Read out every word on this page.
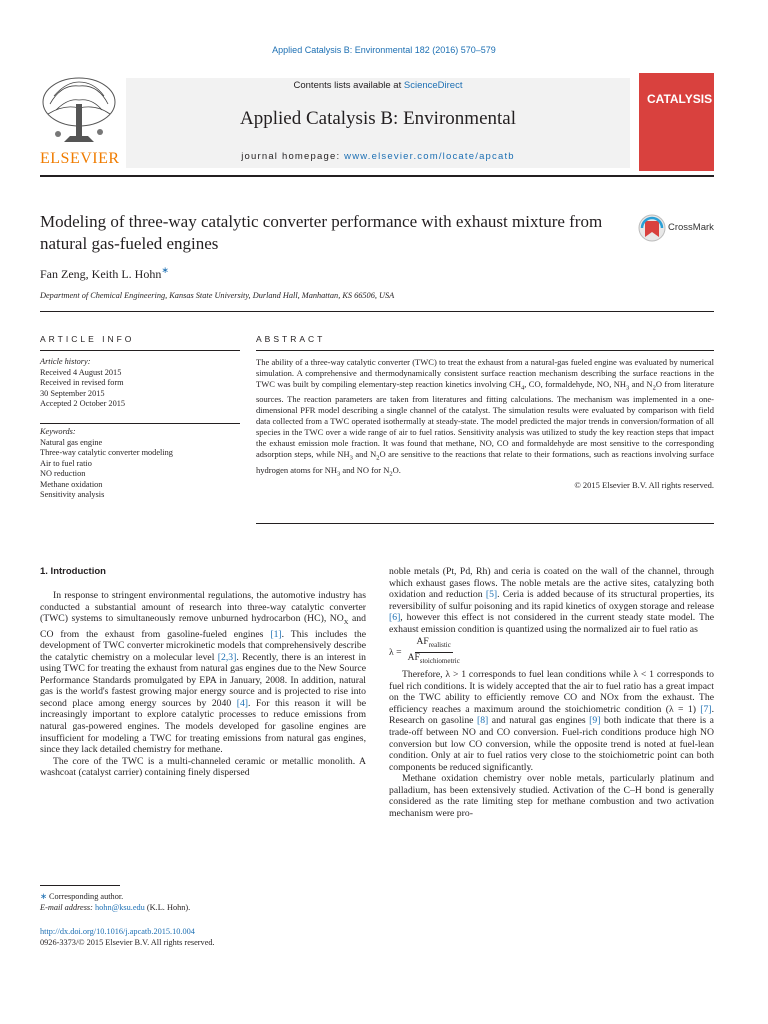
Applied Catalysis B: Environmental 182 (2016) 570–579
ELSEVIER
Contents lists available at ScienceDirect
Applied Catalysis B: Environmental
journal homepage: www.elsevier.com/locate/apcatb
CATALYSIS
Modeling of three-way catalytic converter performance with exhaust mixture from natural gas-fueled engines
CrossMark
Fan Zeng, Keith L. Hohn∗
Department of Chemical Engineering, Kansas State University, Durland Hall, Manhattan, KS 66506, USA
ARTICLE INFO	ABSTRACT
Article history:
Received 4 August 2015
Received in revised form
30 September 2015
Accepted 2 October 2015
Keywords:
Natural gas engine
Three-way catalytic converter modeling
Air to fuel ratio
NO reduction
Methane oxidation
Sensitivity analysis
The ability of a three-way catalytic converter (TWC) to treat the exhaust from a natural-gas fueled engine was evaluated by numerical simulation. A comprehensive and thermodynamically consistent surface reaction mechanism describing the surface reactions in the TWC was built by compiling elementary-step reaction kinetics involving $CH_4$, CO, formaldehyde, NO, $NH_3$ and $N_2O$ from literature sources. The reaction parameters are taken from literatures and fitting calculations. The mechanism was implemented in a one-dimensional PFR model describing a single channel of the catalyst. The simulation results were evaluated by comparison with field data collected from a TWC operated isothermally at steady-state. The model predicted the major trends in conversion/formation of all species in the TWC over a wide range of air to fuel ratios. Sensitivity analysis was utilized to study the key reaction steps that impact the exhaust emission mole fraction. It was found that methane, NO, CO and formaldehyde are most sensitive to the corresponding adsorption steps, while $NH_3$ and $N_2O$ are sensitive to the reactions that relate to their formations, such as reactions involving surface hydrogen atoms for $NH_3$ and NO for $N_2O$.
© 2015 Elsevier B.V. All rights reserved.
1. Introduction

In response to stringent environmental regulations, the automotive industry has conducted a substantial amount of research into three-way catalytic converter (TWC) systems to simultaneously remove unburned hydrocarbon (HC), $NO_X$ and CO from the exhaust from gasoline-fueled engines [1]. This includes the development of TWC converter microkinetic models that comprehensively describe the catalytic chemistry on a molecular level [2,3]. Recently, there is an interest in using TWC for treating the exhaust from natural gas engines due to the New Source Performance Standards promulgated by EPA in January, 2008. In addition, natural gas is the world's fastest growing major energy source and is projected to rise into second place among energy sources by 2040 [4]. For this reason it will be increasingly important to explore catalytic processes to reduce emissions from natural gas-powered engines. The models developed for gasoline engines are insufficient for modeling a TWC for treating emissions from natural gas engines, since they lack detailed chemistry for methane.

The core of the TWC is a multi-channeled ceramic or metallic monolith. A washcoat (catalyst carrier) containing finely dispersed

noble metals (Pt, Pd, Rh) and ceria is coated on the wall of the channel, through which exhaust gases flows. The noble metals are the active sites, catalyzing both oxidation and reduction [5]. Ceria is added because of its structural properties, its reversibility of sulfur poisoning and its rapid kinetics of oxygen storage and release [6], however this effect is not considered in the current steady state model. The exhaust emission condition is quantized using the normalized air to fuel ratio as

$\lambda = \frac{AF_{realistic}}{AF_{stoichiometric}}$

Therefore, λ > 1 corresponds to fuel lean conditions while λ < 1 corresponds to fuel rich conditions. It is widely accepted that the air to fuel ratio has a great impact on the TWC ability to efficiently remove CO and NOx from the exhaust. The efficiency reaches a maximum around the stoichiometric condition (λ = 1) [7]. Research on gasoline [8] and natural gas engines [9] both indicate that there is a trade-off between NO and CO conversion. Fuel-rich conditions produce high NO conversion but low CO conversion, while the opposite trend is noted at fuel-lean condition. Only at air to fuel ratios very close to the stoichiometric point can both components be reduced significantly.

Methane oxidation chemistry over noble metals, particularly platinum and palladium, has been extensively studied. Activation of the C–H bond is generally considered as the rate limiting step for methane combustion and two activation mechanism were pro-

∗ Corresponding author.
E-mail address: hohn@ksu.edu (K.L. Hohn).
http://dx.doi.org/10.1016/j.apcatb.2015.10.004
0926-3373/© 2015 Elsevier B.V. All rights reserved.
